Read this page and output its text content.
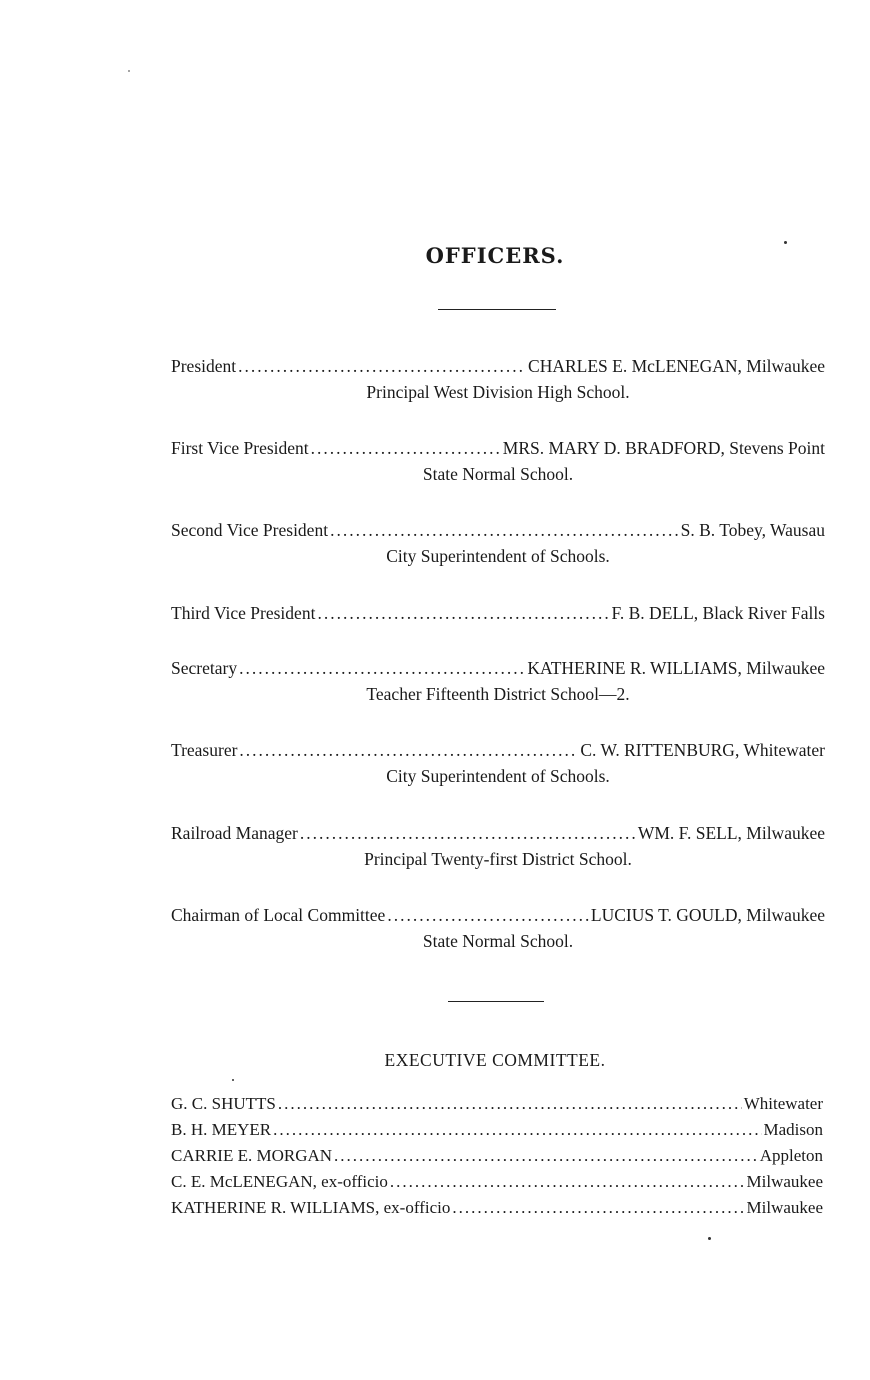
OFFICERS.
President .....	CHARLES E. McLENEGAN, Milwaukee
Principal West Division High School.
First Vice President .....	MRS. MARY D. BRADFORD, Stevens Point
State Normal School.
Second Vice President .....	S. B. Tobey, Wausau
City Superintendent of Schools.
Third Vice President .....	F. B. DELL, Black River Falls
Secretary .....	KATHERINE R. WILLIAMS, Milwaukee
Teacher Fifteenth District School—2.
Treasurer .....	C. W. RITTENBURG, Whitewater
City Superintendent of Schools.
Railroad Manager .....	WM. F. SELL, Milwaukee
Principal Twenty-first District School.
Chairman of Local Committee .....	LUCIUS T. GOULD, Milwaukee
State Normal School.
EXECUTIVE COMMITTEE.
G. C. SHUTTS .....	Whitewater
B. H. MEYER .....	Madison
CARRIE E. MORGAN .....	Appleton
C. E. McLENEGAN, ex-officio .....	Milwaukee
KATHERINE R. WILLIAMS, ex-officio .....	Milwaukee
